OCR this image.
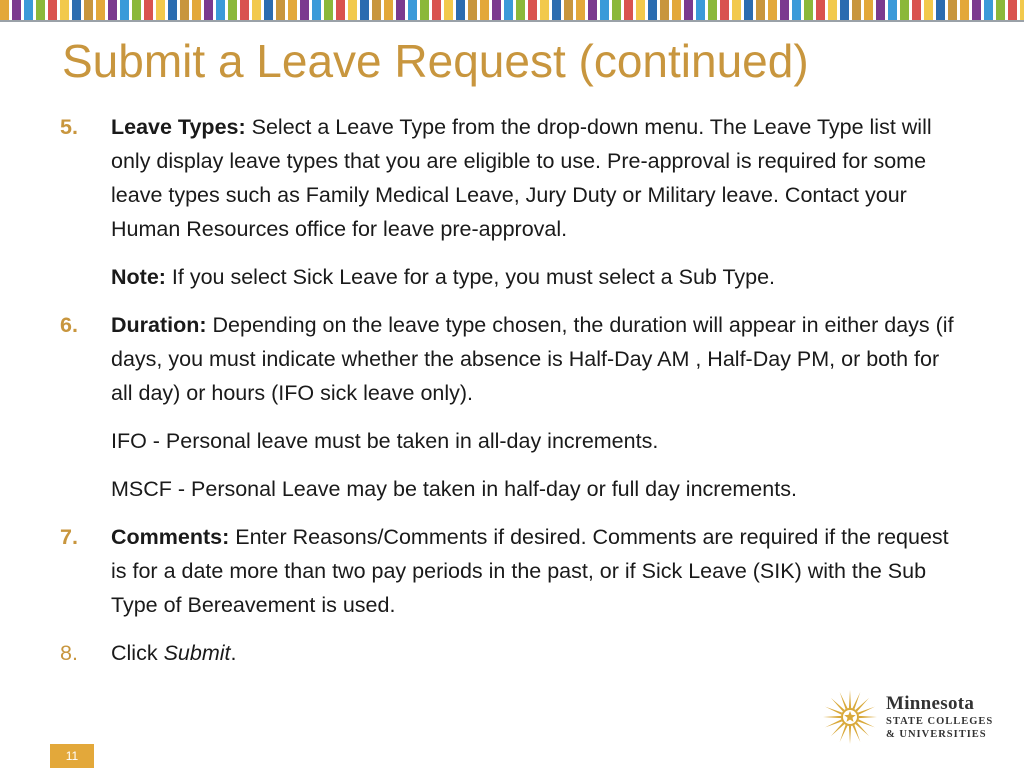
Submit a Leave Request (continued)
5. Leave Types: Select a Leave Type from the drop-down menu. The Leave Type list will only display leave types that you are eligible to use. Pre-approval is required for some leave types such as Family Medical Leave, Jury Duty or Military leave. Contact your Human Resources office for leave pre-approval.
Note: If you select Sick Leave for a type, you must select a Sub Type.
6. Duration: Depending on the leave type chosen, the duration will appear in either days (if days, you must indicate whether the absence is Half-Day AM , Half-Day PM, or both for all day) or hours (IFO sick leave only).
IFO - Personal leave must be taken in all-day increments.
MSCF - Personal Leave may be taken in half-day or full day increments.
7. Comments: Enter Reasons/Comments if desired. Comments are required if the request is for a date more than two pay periods in the past, or if Sick Leave (SIK) with the Sub Type of Bereavement is used.
8. Click Submit.
Minnesota
STATE COLLEGES
& UNIVERSITIES
11
